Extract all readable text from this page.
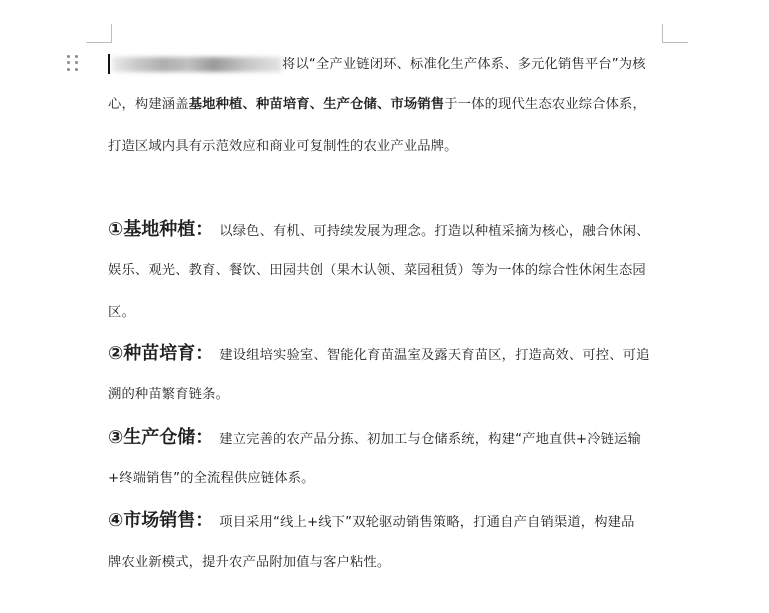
将以“全产业链闭环、标准化生产体系、多元化销售平台”为核
心，构建涵盖基地种植、种苗培育、生产仓储、市场销售于一体的现代生态农业综合体系，
打造区域内具有示范效应和商业可复制性的农业产业品牌。
①基地种植： 以绿色、有机、可持续发展为理念。打造以种植采摘为核心，融合休闲、
娱乐、观光、教育、餐饮、田园共创（果木认领、菜园租赁）等为一体的综合性休闲生态园
区。
②种苗培育： 建设组培实验室、智能化育苗温室及露天育苗区，打造高效、可控、可追
溯的种苗繁育链条。
③生产仓储： 建立完善的农产品分拣、初加工与仓储系统，构建“产地直供+冷链运输
+终端销售”的全流程供应链体系。
④市场销售： 项目采用“线上+线下”双轮驱动销售策略，打通自产自销渠道，构建品
牌农业新模式，提升农产品附加值与客户粘性。
